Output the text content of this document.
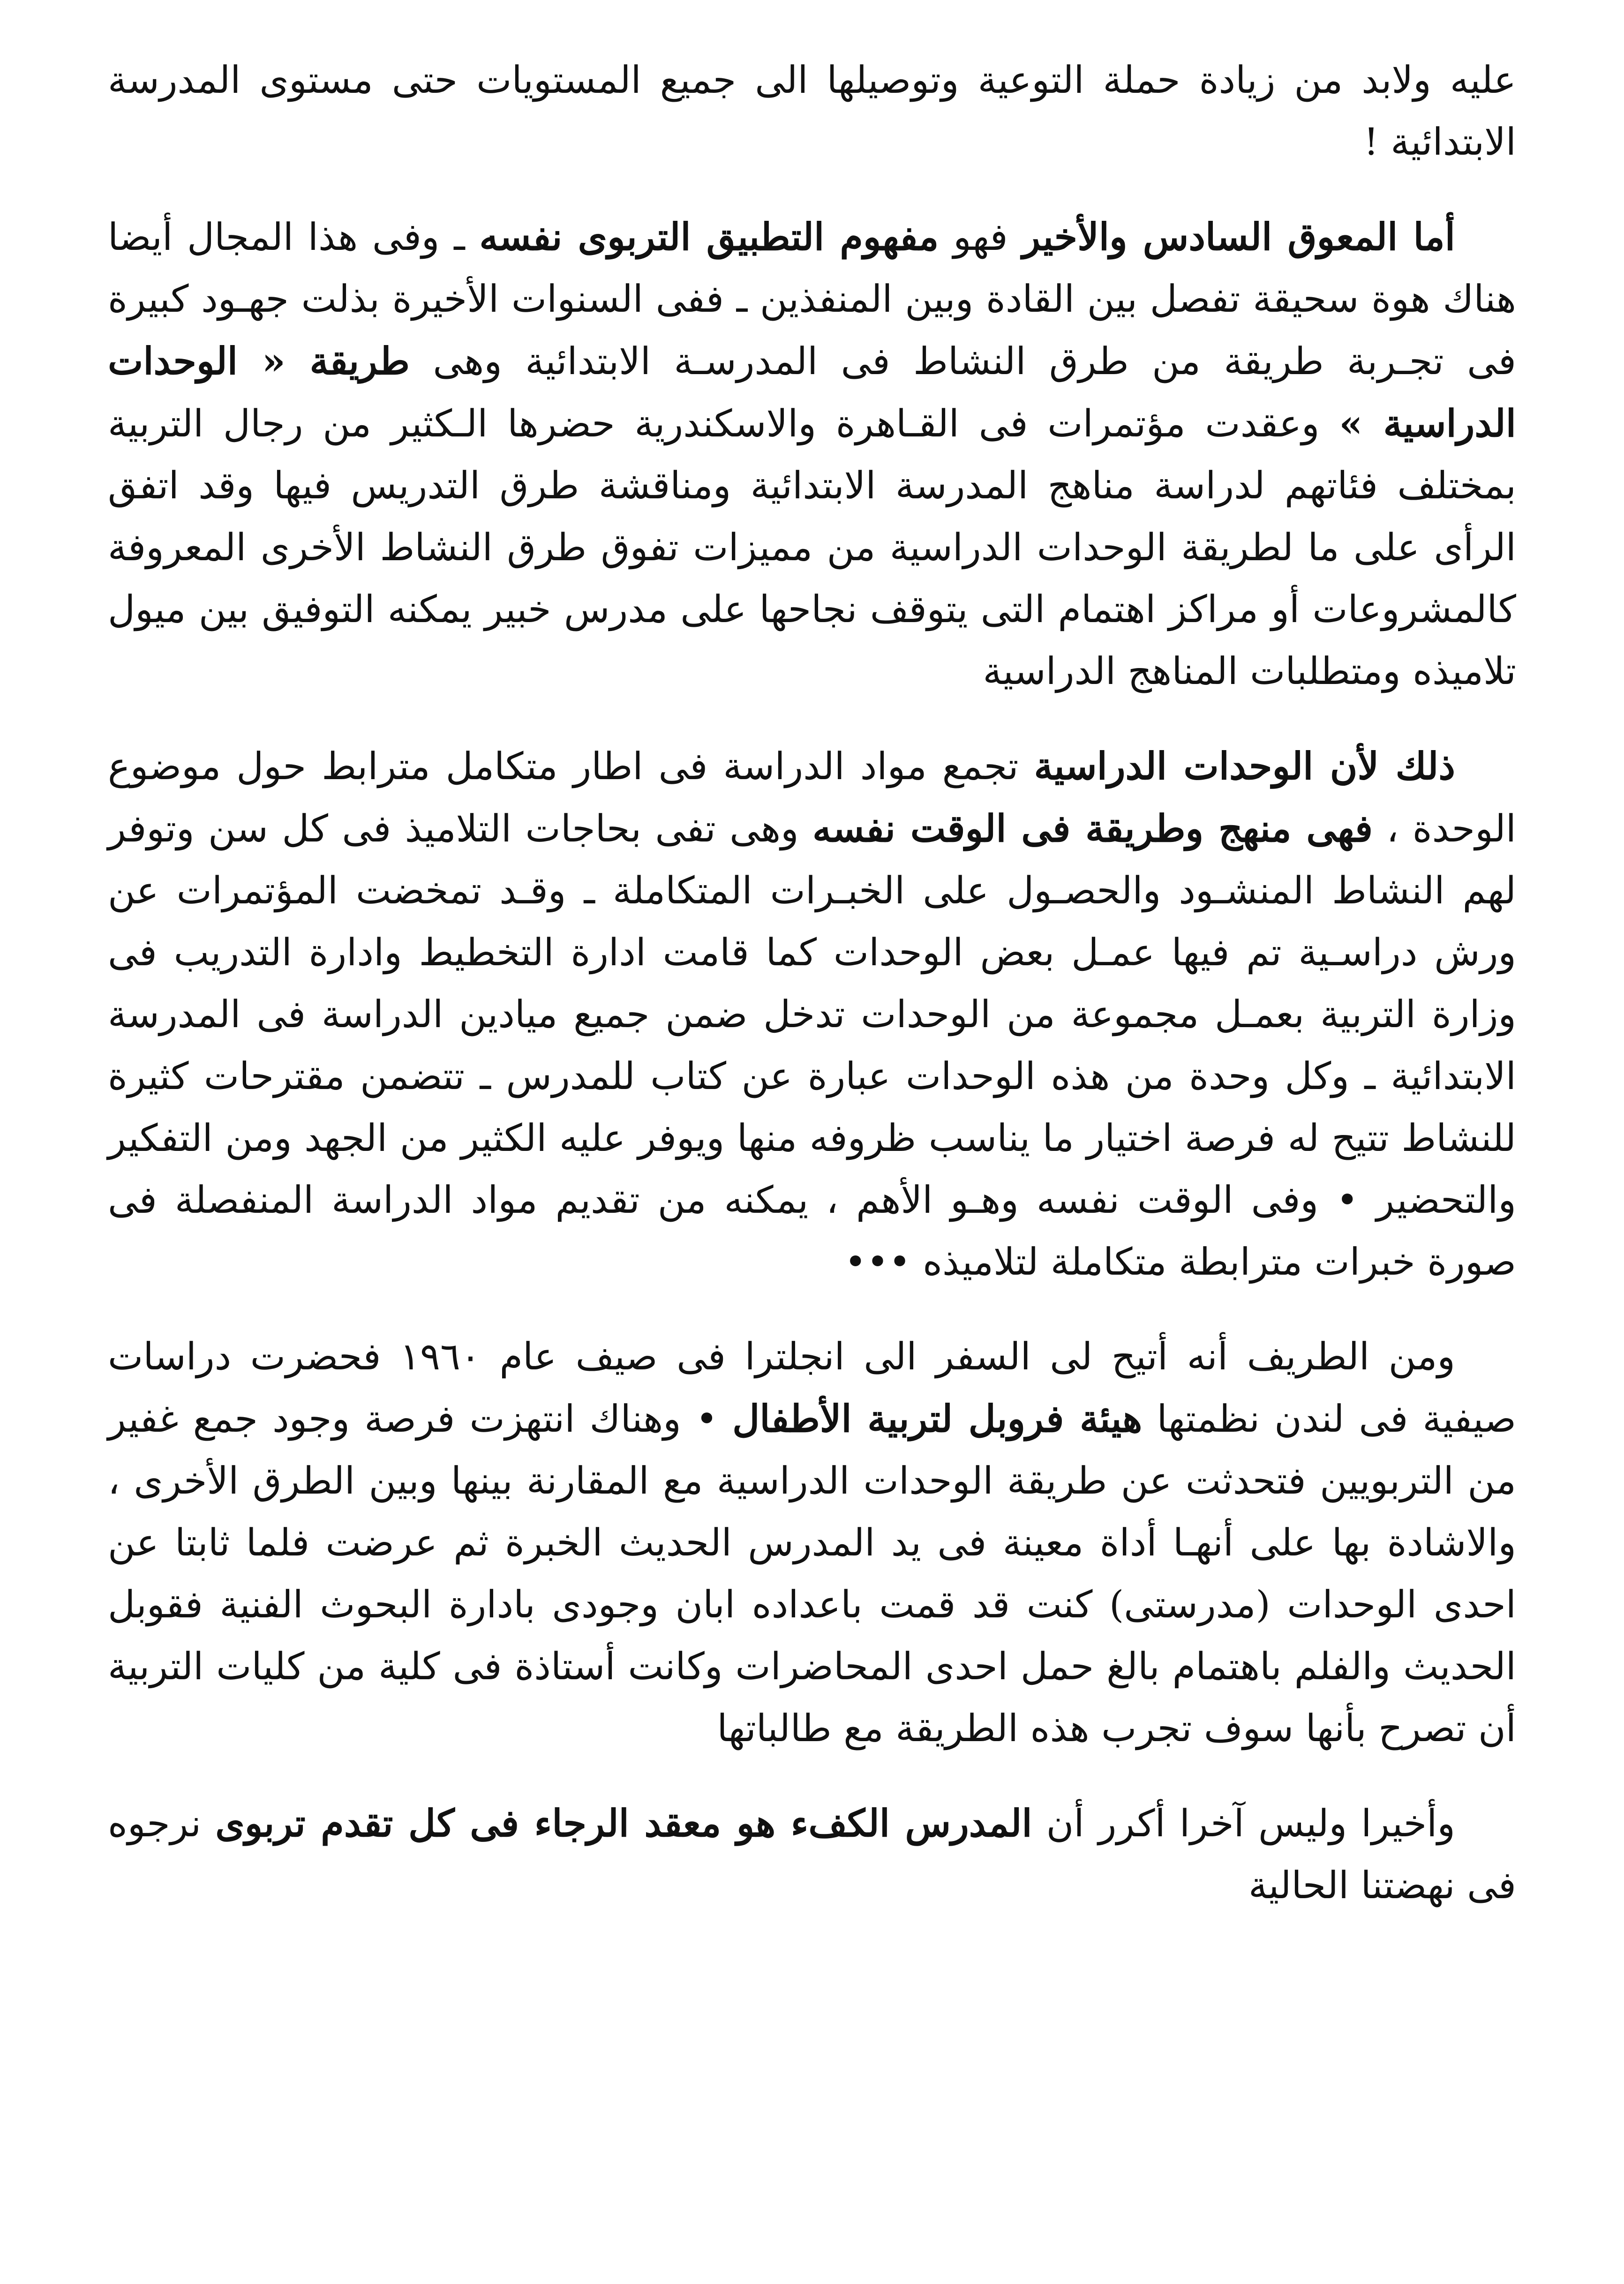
عليه ولابد من زيادة حملة التوعية وتوصيلها الى جميع المستويات حتى مستوى المدرسة الابتدائية !

أما المعوق السادس والأخير فهو مفهوم التطبيق التربوى نفسه ـ وفى هذا المجال أيضا هناك هوة سحيقة تفصل بين القادة وبين المنفذين ـ ففى السنوات الأخيرة بذلت جهـود كبيرة فى تجـربة طريقة من طرق النشاط فى المدرسـة الابتدائية وهى طريقة « الوحدات الدراسية » وعقدت مؤتمرات فى القـاهرة والاسكندرية حضرها الـكثير من رجال التربية بمختلف فئاتهم لدراسة مناهج المدرسة الابتدائية ومناقشة طرق التدريس فيها وقد اتفق الرأى على ما لطريقة الوحدات الدراسية من مميزات تفوق طرق النشاط الأخرى المعروفة كالمشروعات أو مراكز اهتمام التى يتوقف نجاحها على مدرس خبير يمكنه التوفيق بين ميول تلاميذه ومتطلبات المناهج الدراسية

ذلك لأن الوحدات الدراسية تجمع مواد الدراسة فى اطار متكامل مترابط حول موضوع الوحدة ، فهى منهج وطريقة فى الوقت نفسه وهى تفى بحاجات التلاميذ فى كل سن وتوفر لهم النشاط المنشـود والحصـول على الخبـرات المتكاملة ـ وقـد تمخضت المؤتمرات عن ورش دراسـية تم فيها عمـل بعض الوحدات كما قامت ادارة التخطيط وادارة التدريب فى وزارة التربية بعمـل مجموعة من الوحدات تدخل ضمن جميع ميادين الدراسة فى المدرسة الابتدائية ـ وكل وحدة من هذه الوحدات عبارة عن كتاب للمدرس ـ تتضمن مقترحات كثيرة للنشاط تتيح له فرصة اختيار ما يناسب ظروفه منها ويوفر عليه الكثير من الجهد ومن التفكير والتحضير • وفى الوقت نفسه وهـو الأهم ، يمكنه من تقديم مواد الدراسة المنفصلة فى صورة خبرات مترابطة متكاملة لتلاميذه •••

ومن الطريف أنه أتيح لى السفر الى انجلترا فى صيف عام ١٩٦٠ فحضرت دراسات صيفية فى لندن نظمتها هيئة فروبل لتربية الأطفال • وهناك انتهزت فرصة وجود جمع غفير من التربويين فتحدثت عن طريقة الوحدات الدراسية مع المقارنة بينها وبين الطرق الأخرى ، والاشادة بها على أنهـا أداة معينة فى يد المدرس الحديث الخبرة ثم عرضت فلما ثابتا عن احدى الوحدات (مدرستى) كنت قد قمت باعداده ابان وجودى بادارة البحوث الفنية فقوبل الحديث والفلم باهتمام بالغ حمل احدى المحاضرات وكانت أستاذة فى كلية من كليات التربية أن تصرح بأنها سوف تجرب هذه الطريقة مع طالباتها

وأخيرا وليس آخرا أكرر أن المدرس الكفء هو معقد الرجاء فى كل تقدم تربوى نرجوه فى نهضتنا الحالية
